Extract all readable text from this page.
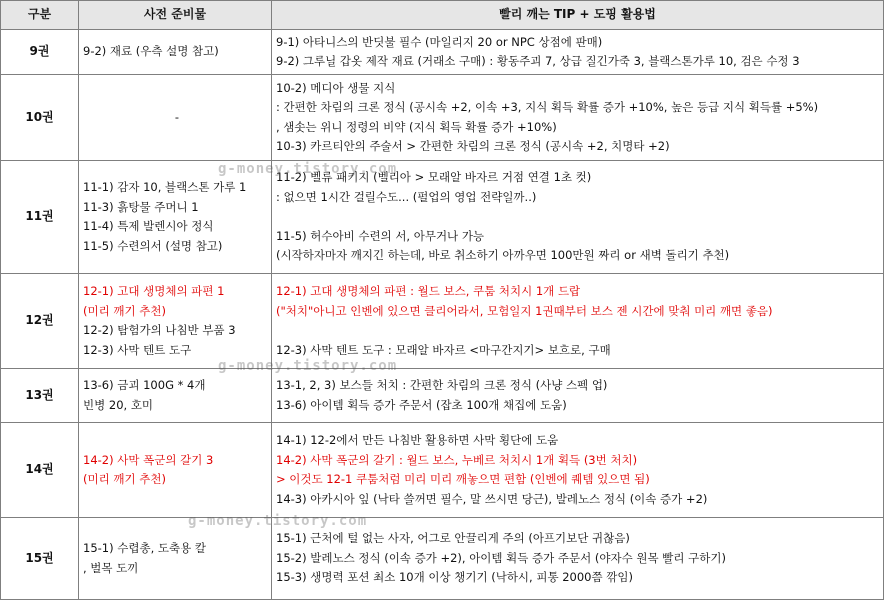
구분	사전 준비물	빨리 깨는 TIP + 도핑 활용법
9권	9-2) 재료 (우측 설명 참고)	9-1) 아타니스의 반딧불 필수 (마일리지 20 or NPC 상점에 판매)
9-2) 그루닐 갑옷 제작 재료 (거래소 구매) : 황동주괴 7, 상급 질긴가죽 3, 블랙스톤가루 10, 검은 수정 3

10권	-	10-2) 메디아 생물 지식
: 간편한 차림의 크론 정식 (공시속 +2, 이속 +3, 지식 획득 확률 증가 +10%, 높은 등급 지식 획득률 +5%)
, 샘솟는 위니 정령의 비약 (지식 획득 확률 증가 +10%)
10-3) 카르티안의 주술서 > 간편한 차림의 크론 정식 (공시속 +2, 치명타 +2)

11권	11-1) 감자 10, 블랙스톤 가루 1
11-3) 흙탕물 주머니 1
11-4) 특제 발렌시아 정식
11-5) 수련의서 (설명 참고)	11-2) 벨류 패키지 (벨리아 > 모래알 바자르 거점 연결 1초 컷)
: 없으면 1시간 걸릴수도... (펄업의 영업 전략일까..)
11-5) 허수아비 수련의 서, 아무거나 가능
(시작하자마자 깨지긴 하는데, 바로 취소하기 아까우면 100만원 짜리 or 새벽 돌리기 추천)

12권	12-1) 고대 생명체의 파편 1
(미리 깨기 추천)
12-2) 탐험가의 나침반 부품 3
12-3) 사막 텐트 도구	12-1) 고대 생명체의 파편 : 월드 보스, 쿠툼 처치시 1개 드랍
("처치"아니고 인벤에 있으면 클리어라서, 모험일지 1권때부터 보스 젠 시간에 맞춰 미리 깨면 좋음)
12-3) 사막 텐트 도구 : 모래알 바자르 <마구간지기> 보흐로, 구매

13권	13-6) 금괴 100G * 4개
빈병 20, 호미	13-1, 2, 3) 보스들 처치 : 간편한 차림의 크론 정식 (사냥 스펙 업)
13-6) 아이템 획득 증가 주문서 (잡초 100개 채집에 도움)

14권	14-2) 사막 폭군의 갈기 3
(미리 깨기 추천)	14-1) 12-2에서 만든 나침반 활용하면 사막 횡단에 도움
14-2) 사막 폭군의 갈기 : 월드 보스, 누베르 처치시 1개 획득 (3번 처치)
> 이것도 12-1 쿠툼처럼 미리 미리 깨놓으면 편함 (인벤에 퀘템 있으면 됨)
14-3) 아카시아 잎 (낙타 쓸꺼면 필수, 말 쓰시면 당근), 발레노스 정식 (이속 증가 +2)

15권	15-1) 수렵총, 도축용 칼
, 벌목 도끼	15-1) 근처에 털 없는 사자, 어그로 안끌리게 주의 (아프기보단 귀찮음)
15-2) 발레노스 정식 (이속 증가 +2), 아이템 획득 증가 주문서 (야자수 원목 빨리 구하기)
15-3) 생명력 포션 최소 10개 이상 챙기기 (낙하시, 피통 2000쯤 깎임)
g-money.tistory.com
g-money.tistory.com
g-money.tistory.com
